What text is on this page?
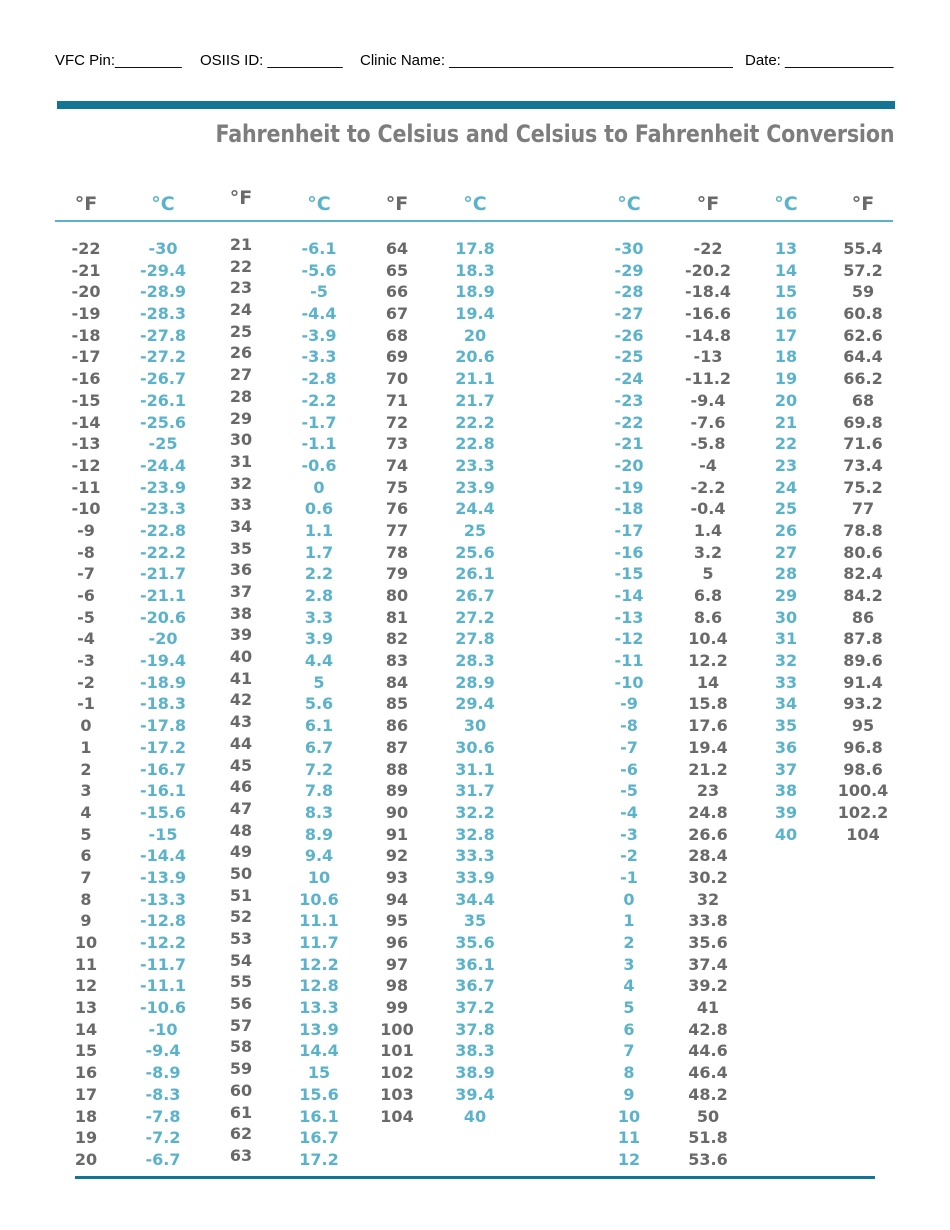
VFC Pin:________ OSIIS ID: _________ Clinic Name: __________________________________ Date: _____________
Fahrenheit to Celsius and Celsius to Fahrenheit Conversion
°F
-22
-21
-20
-19
-18
-17
-16
-15
-14
-13
-12
-11
-10
-9
-8
-7
-6
-5
-4
-3
-2
-1
0
1
2
3
4
5
6
7
8
9
10
11
12
13
14
15
16
17
18
19
20
°C
-30
-29.4
-28.9
-28.3
-27.8
-27.2
-26.7
-26.1
-25.6
-25
-24.4
-23.9
-23.3
-22.8
-22.2
-21.7
-21.1
-20.6
-20
-19.4
-18.9
-18.3
-17.8
-17.2
-16.7
-16.1
-15.6
-15
-14.4
-13.9
-13.3
-12.8
-12.2
-11.7
-11.1
-10.6
-10
-9.4
-8.9
-8.3
-7.8
-7.2
-6.7
°F
21
22
23
24
25
26
27
28
29
30
31
32
33
34
35
36
37
38
39
40
41
42
43
44
45
46
47
48
49
50
51
52
53
54
55
56
57
58
59
60
61
62
63
°C
-6.1
-5.6
-5
-4.4
-3.9
-3.3
-2.8
-2.2
-1.7
-1.1
-0.6
0
0.6
1.1
1.7
2.2
2.8
3.3
3.9
4.4
5
5.6
6.1
6.7
7.2
7.8
8.3
8.9
9.4
10
10.6
11.1
11.7
12.2
12.8
13.3
13.9
14.4
15
15.6
16.1
16.7
17.2
°F
64
65
66
67
68
69
70
71
72
73
74
75
76
77
78
79
80
81
82
83
84
85
86
87
88
89
90
91
92
93
94
95
96
97
98
99
100
101
102
103
104
°C
17.8
18.3
18.9
19.4
20
20.6
21.1
21.7
22.2
22.8
23.3
23.9
24.4
25
25.6
26.1
26.7
27.2
27.8
28.3
28.9
29.4
30
30.6
31.1
31.7
32.2
32.8
33.3
33.9
34.4
35
35.6
36.1
36.7
37.2
37.8
38.3
38.9
39.4
40
°C
-30
-29
-28
-27
-26
-25
-24
-23
-22
-21
-20
-19
-18
-17
-16
-15
-14
-13
-12
-11
-10
-9
-8
-7
-6
-5
-4
-3
-2
-1
0
1
2
3
4
5
6
7
8
9
10
11
12
°F
-22
-20.2
-18.4
-16.6
-14.8
-13
-11.2
-9.4
-7.6
-5.8
-4
-2.2
-0.4
1.4
3.2
5
6.8
8.6
10.4
12.2
14
15.8
17.6
19.4
21.2
23
24.8
26.6
28.4
30.2
32
33.8
35.6
37.4
39.2
41
42.8
44.6
46.4
48.2
50
51.8
53.6
°C
13
14
15
16
17
18
19
20
21
22
23
24
25
26
27
28
29
30
31
32
33
34
35
36
37
38
39
40
°F
55.4
57.2
59
60.8
62.6
64.4
66.2
68
69.8
71.6
73.4
75.2
77
78.8
80.6
82.4
84.2
86
87.8
89.6
91.4
93.2
95
96.8
98.6
100.4
102.2
104
